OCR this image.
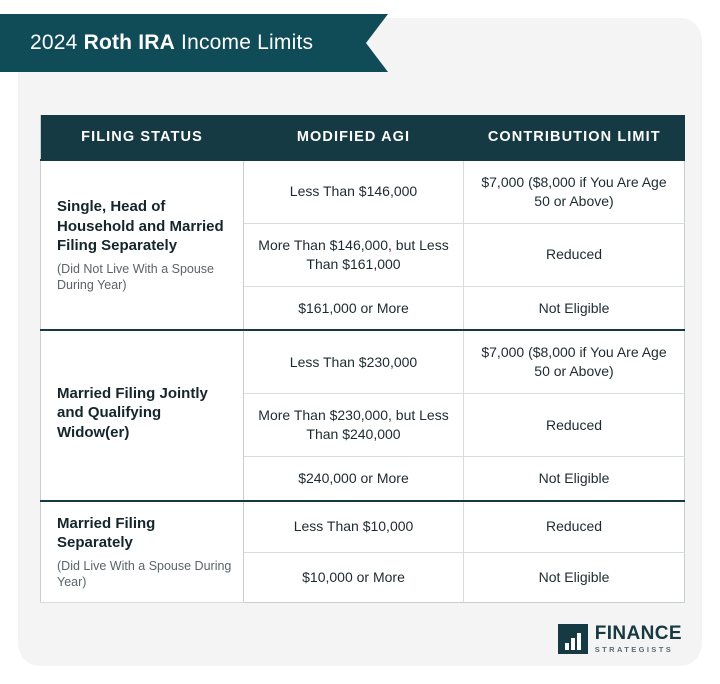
2024 Roth IRA Income Limits
FILING STATUS	MODIFIED AGI	CONTRIBUTION LIMIT

Single, Head of Household and Married Filing Separately
(Did Not Live With a Spouse During Year)	Less Than $146,000	$7,000 ($8,000 if You Are Age 50 or Above)
	More Than $146,000, but Less Than $161,000	Reduced
	$161,000 or More	Not Eligible

Married Filing Jointly and Qualifying Widow(er)	Less Than $230,000	$7,000 ($8,000 if You Are Age 50 or Above)
	More Than $230,000, but Less Than $240,000	Reduced
	$240,000 or More	Not Eligible

Married Filing Separately
(Did Live With a Spouse During Year)	Less Than $10,000	Reduced
	$10,000 or More	Not Eligible
FINANCE
STRATEGISTS
